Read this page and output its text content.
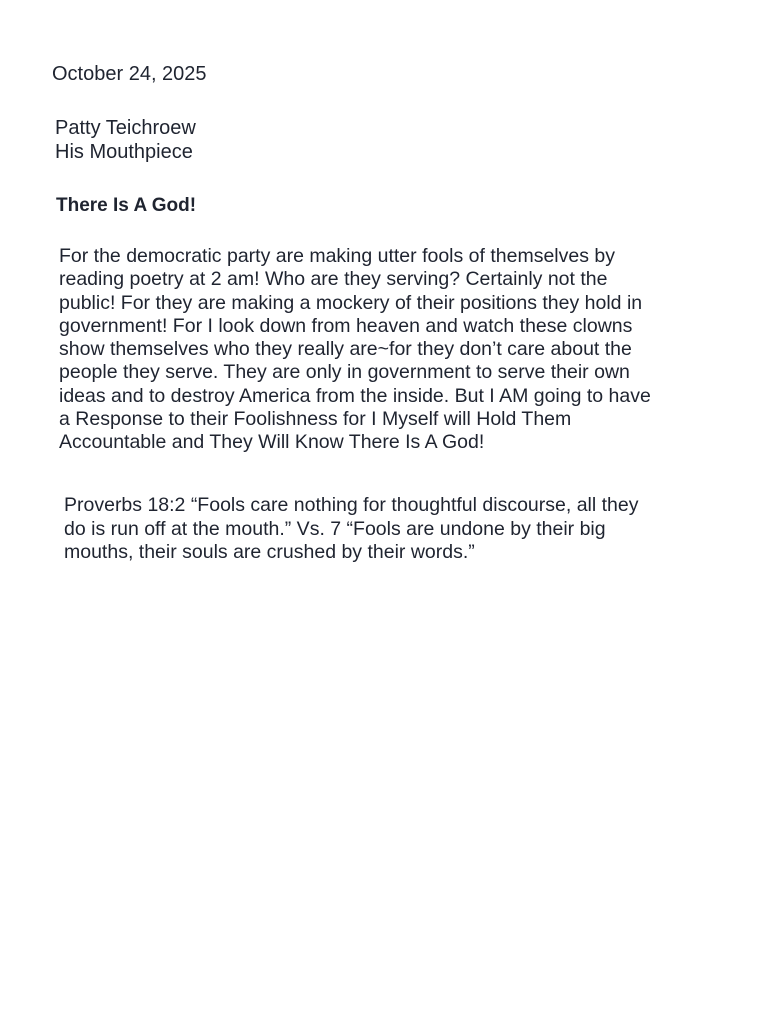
October 24, 2025
Patty Teichroew
His Mouthpiece
There Is A God!
For the democratic party are making utter fools of themselves by
reading poetry at 2 am! Who are they serving? Certainly not the
public! For they are making a mockery of their positions they hold in
government! For I look down from heaven and watch these clowns
show themselves who they really are~for they don’t care about the
people they serve. They are only in government to serve their own
ideas and to destroy America from the inside. But I AM going to have
a Response to their Foolishness for I Myself will Hold Them
Accountable and They Will Know There Is A God!
Proverbs 18:2 “Fools care nothing for thoughtful discourse, all they
do is run off at the mouth.” Vs. 7 “Fools are undone by their big
mouths, their souls are crushed by their words.”
